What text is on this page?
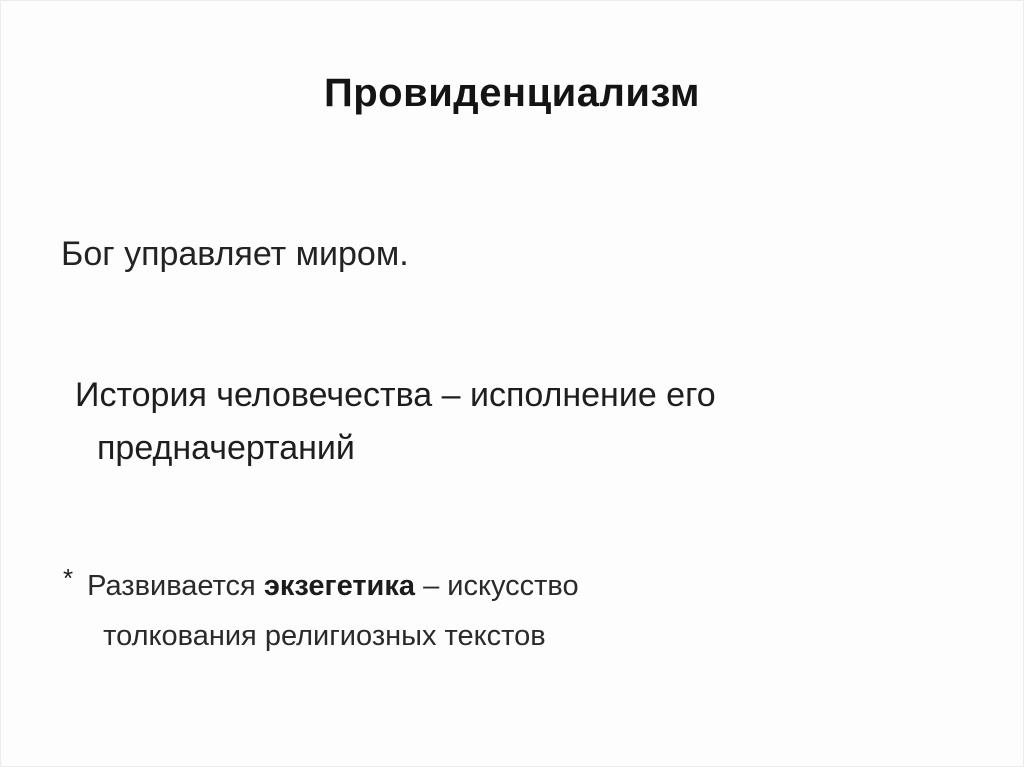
Провиденциализм

Бог управляет миром.

История человечества – исполнение его
предначертаний
* Развивается экзегетика – искусство
толкования религиозных текстов
